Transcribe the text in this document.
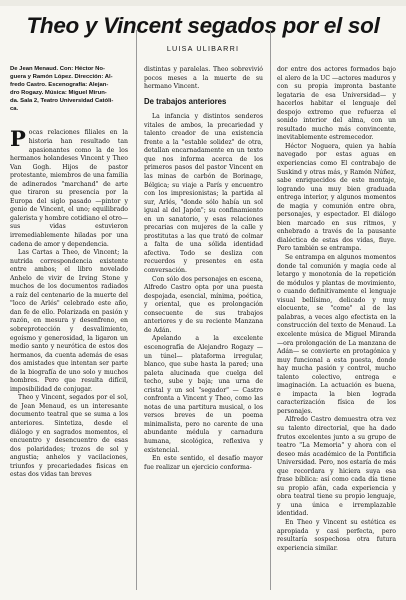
Theo y Vincent segados por el sol
LUISA ULIBARRI
De Jean Menaud. Con: Héctor No-
guera y Ramón López. Dirección: Al-
fredo Castro. Escenografía: Alejan-
dro Rogazy. Música: Miguel Mirun-
da. Sala 2, Teatro Universidad Católi-
ca.

Pocas relaciones filiales en la historia han resultado tan apasionantes como la de los hermanos holandeses Vincent y Theo Van Gogh. Hijos de pastor protestante, miembros de una familia de adinerados "marchand" de arte que tiraron su presencia por la Europa del siglo pasado —pintor y genio de Vincent, el uno; equilibrado galerista y hombre cotidiano el otro— sus vidas estuvieron irremediablemente hiladas por una cadena de amor y dependencia.

Las Cartas a Theo, de Vincent; la nutrida correspondencia existente entre ambos; el libro novelado Anhelo de vivir de Irving Stone y muchos de los documentos radiados a raíz del centenario de la muerte del "loco de Arlés" celebrado este año, dan fe de ello. Polarizada en pasión y razón, en mesura y desenfreno, en sobreprotección y desvalimiento, egoísmo y generosidad, la ligaron un medio santo y neurótica de estos dos hermanos, da cuenta además de esas dos amistades que intentan ser parte de la biografía de uno solo y muchos hombres. Pero que resulta difícil, imposibilidad de conjugar.

Theo y Vincent, segados por el sol, de Jean Menaud, es un interesante documento teatral que se suma a los anteriores. Sintetiza, desde el diálogo y en sagrados momentos, el encuentro y desencuentro de esas dos polaridades; trozos de sol y angustia; anhelos y vacilaciones, triunfos y precariedades fisicas en estas dos vidas tan breves

distintas y paralelas. Theo sobrevivió pocos meses a la muerte de su hermano Vincent.

De trabajos anteriores

La infancia y distintos senderos vitales de ambos, la precariedad y talento creador de una existencia frente a la "estable solidez" de otra, detallan encarnadamente en un texto que nos informa acerca de los primeros pasos del pastor Vincent en las minas de carbón de Borinage, Bélgica; su viaje a París y encuentro con los impresionistas; la partida al sur, Arlés, "donde sólo había un sol igual al del Japón"; su confinamiento en un sanatorio, y esas relaciones precarias con mujeres de la calle y prostitutas a las que trató de colmar a falta de una sólida identidad afectiva. Todo se desliza con recuerdos y presentes en esta conversación.

Con sólo dos personajes en escena, Alfredo Castro opta por una puesta despojada, esencial, mínima, poética, y oriental, que es prolongación consecuente de sus trabajos anteriores y de su reciente Manzana de Adán.

Apelando a la excelente escenografía de Alejandro Rogazy —un túnel— plataforma irregular, blanco, que sube hasta la pared; una paleta alucinada que cuelga del techo, sube y baja; una urna de cristal y un sol "segador" — Castro confronta a Vincent y Theo, como las notas de una partitura musical, o los versos breves de un poema minimalista, pero no carente de una abundante médula y carnadura humana, sicológica, reflexiva y existencial.

En este sentido, el desafío mayor fue realizar un ejercicio conforma-

dor entre dos actores formados bajo el alero de la UC —actores maduros y con su propia impronta bastante legataria de esa Universidad— y hacerlos habitar el lenguaje del despojo extremo que refuerza el sonido interior del alma, con un resultado mucho más convincente, inevitablemente estremecedor.

Héctor Noguera, quien ya había navegado por estas aguas en experiencias como El contrabajo de Suskind y otras más, y Ramón Núñez, sabe enriquecidos de este montaje, logrando una muy bien graduada entrega interior, y algunos momentos de magia y comunión entre obra, personajes, y espectador. El diálogo bien marcado en sus ritmos, y enhebrado a través de la pausante dialéctica de estas dos vidas, fluye. Pero también se entrampa.

Se entrampa en algunos momentos donde tal comunión y magia cede al letargo y monotonía de la repetición de módulos y plantas de movimiento, o cuando definitivamente el lenguaje visual bellísimo, delicado y muy elocuente, se "come" al de las palabras, a veces algo efectista en la construcción del texto de Menaud. La excelente música de Miguel Miranda —ora prolongación de La manzana de Adán— se convierte en protagónica y muy funcional a esta puesta, donde hay mucha pasión y control, mucho talento colectivo, entrega e imaginación. La actuación es buena, e impacta la bien lograda caracterización física de los personajes.

Alfredo Castro demuestra otra vez su talento directorial, que ha dado frutos excelentes junto a su grupo de teatro "La Memoria" y ahora con el deseo más académico de la Pontificia Universidad. Pero, nos estaría de más que recordara y hiciera suya esa frase bíblica: así como cada día tiene su propio afán, cada experiencia y obra teatral tiene su propio lenguaje, y una única e irremplazable identidad.

En Theo y Vincent su estética es apropiada y casi perfecta, pero resultaría sospechosa otra futura experiencia similar.
